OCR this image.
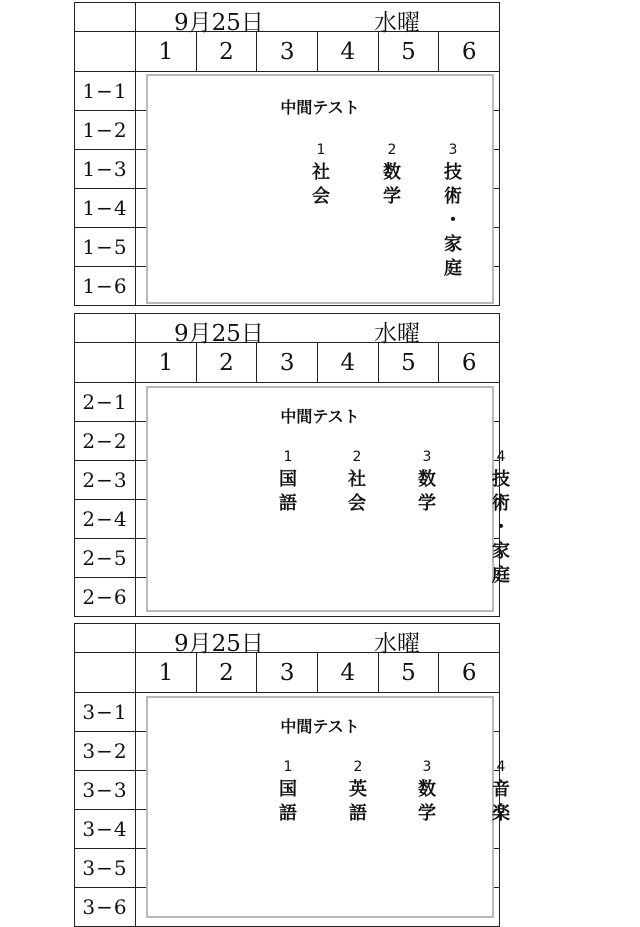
	9月25日 水曜					

	1	2	3	4	5	6
1−1						
1−2						
1−3						
1−4						
1−5						
1−6						
中間テスト
1
社
会
2
数
学
3
技
術
・
家
庭

	9月25日 水曜					

	1	2	3	4	5	6
2−1						
2−2						
2−3						
2−4						
2−5						
2−6						
中間テスト
1
国
語
2
社
会
3
数
学
4
技
術
・
家
庭

	9月25日 水曜					

	1	2	3	4	5	6
3−1						
3−2						
3−3						
3−4						
3−5						
3−6						
中間テスト
1
国
語
2
英
語
3
数
学
4
音
楽
